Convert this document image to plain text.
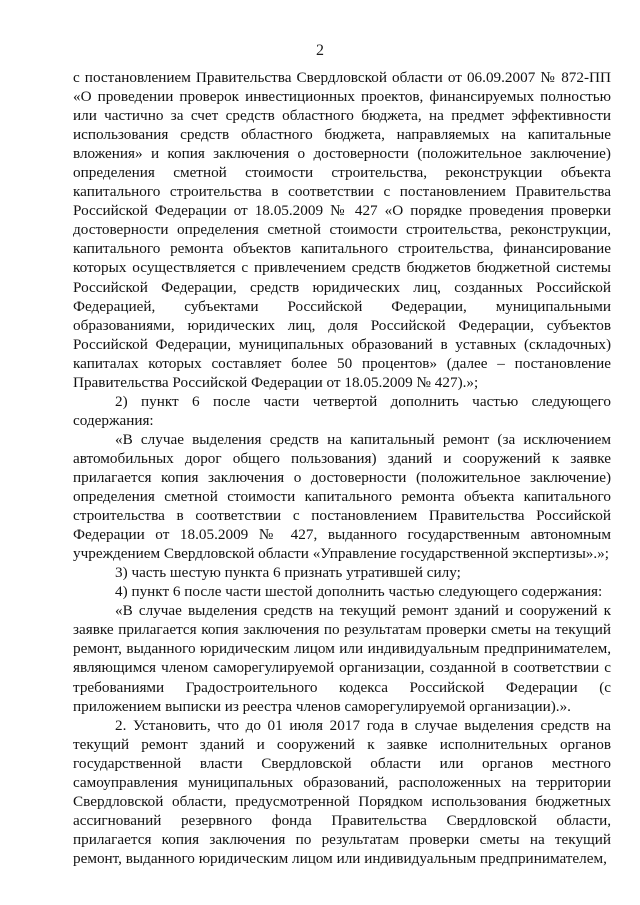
2

с постановлением Правительства Свердловской области от 06.09.2007 № 872-ПП «О проведении проверок инвестиционных проектов, финансируемых полностью или частично за счет средств областного бюджета, на предмет эффективности использования средств областного бюджета, направляемых на капитальные вложения» и копия заключения о достоверности (положительное заключение) определения сметной стоимости строительства, реконструкции объекта капитального строительства в соответствии с постановлением Правительства Российской Федерации от 18.05.2009 № 427 «О порядке проведения проверки достоверности определения сметной стоимости строительства, реконструкции, капитального ремонта объектов капитального строительства, финансирование которых осуществляется с привлечением средств бюджетов бюджетной системы Российской Федерации, средств юридических лиц, созданных Российской Федерацией, субъектами Российской Федерации, муниципальными образованиями, юридических лиц, доля Российской Федерации, субъектов Российской Федерации, муниципальных образований в уставных (складочных) капиталах которых составляет более 50 процентов» (далее – постановление Правительства Российской Федерации от 18.05.2009 № 427).»;

2) пункт 6 после части четвертой дополнить частью следующего содержания:

«В случае выделения средств на капитальный ремонт (за исключением автомобильных дорог общего пользования) зданий и сооружений к заявке прилагается копия заключения о достоверности (положительное заключение) определения сметной стоимости капитального ремонта объекта капитального строительства в соответствии с постановлением Правительства Российской Федерации от 18.05.2009 № 427, выданного государственным автономным учреждением Свердловской области «Управление государственной экспертизы».»;

3) часть шестую пункта 6 признать утратившей силу;

4) пункт 6 после части шестой дополнить частью следующего содержания:

«В случае выделения средств на текущий ремонт зданий и сооружений к заявке прилагается копия заключения по результатам проверки сметы на текущий ремонт, выданного юридическим лицом или индивидуальным предпринимателем, являющимся членом саморегулируемой организации, созданной в соответствии с требованиями Градостроительного кодекса Российской Федерации (с приложением выписки из реестра членов саморегулируемой организации).».

2. Установить, что до 01 июля 2017 года в случае выделения средств на текущий ремонт зданий и сооружений к заявке исполнительных органов государственной власти Свердловской области или органов местного самоуправления муниципальных образований, расположенных на территории Свердловской области, предусмотренной Порядком использования бюджетных ассигнований резервного фонда Правительства Свердловской области, прилагается копия заключения по результатам проверки сметы на текущий ремонт, выданного юридическим лицом или индивидуальным предпринимателем,
